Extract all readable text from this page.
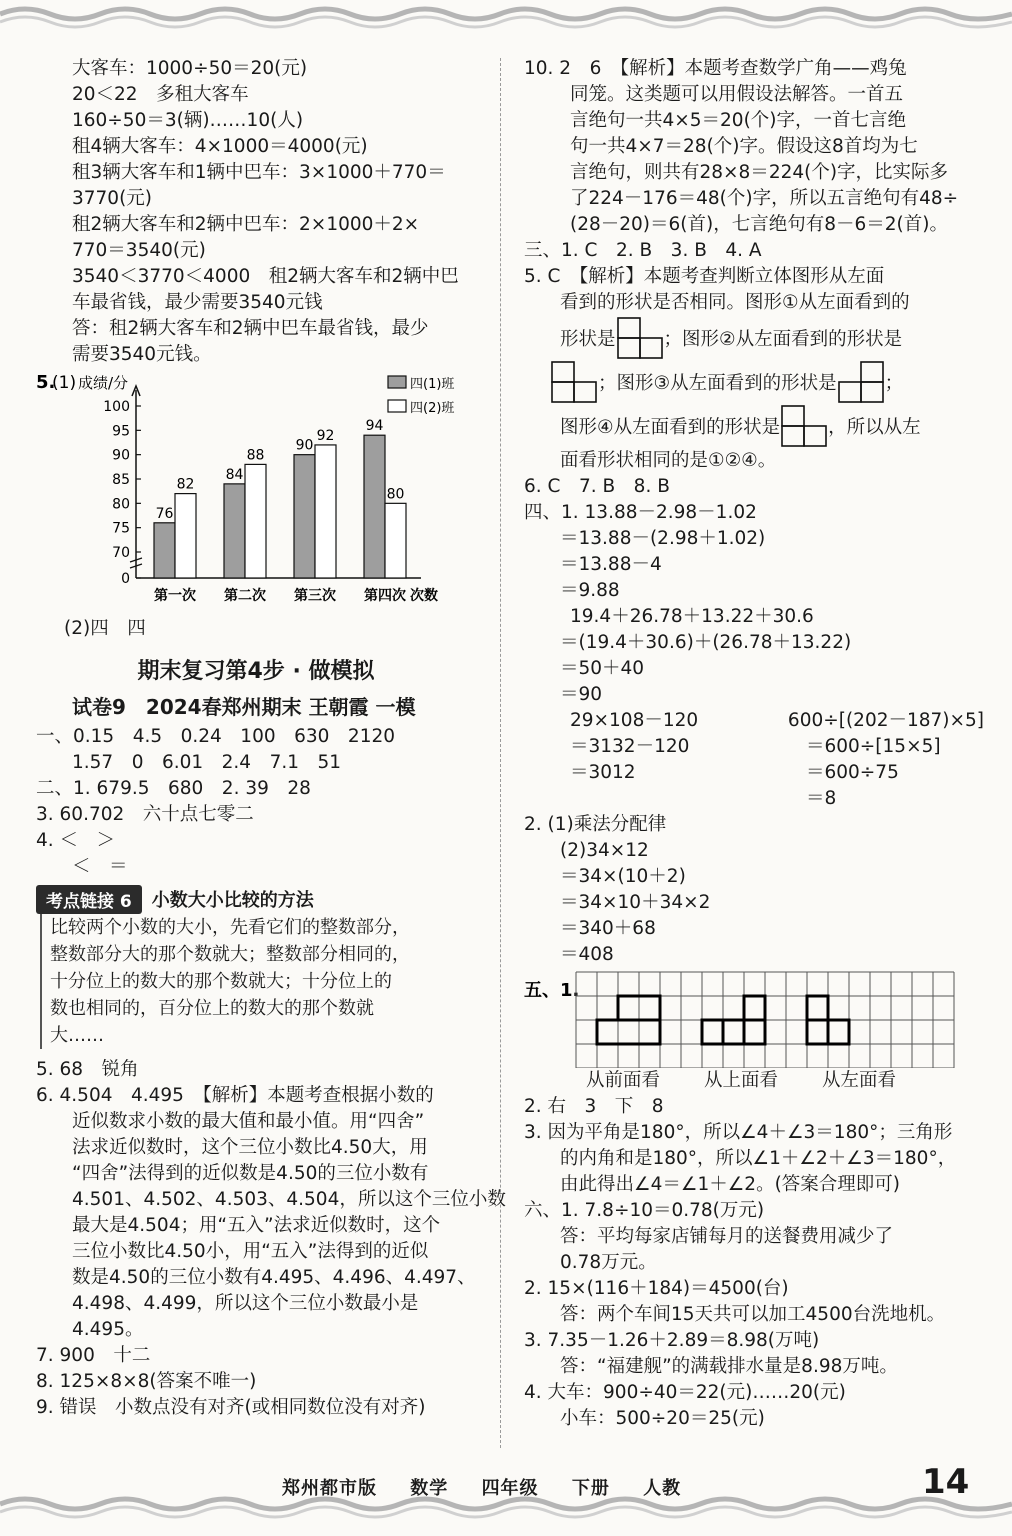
大客车：1000÷50＝20(元)
20＜22　多租大客车
160÷50＝3(辆)……10(人)
租4辆大客车：4×1000＝4000(元)
租3辆大客车和1辆中巴车：3×1000＋770＝
3770(元)
租2辆大客车和2辆中巴车：2×1000＋2×
770＝3540(元)
3540＜3770＜4000　租2辆大客车和2辆中巴
车最省钱，最少需要3540元钱
答：租2辆大客车和2辆中巴车最省钱，最少
需要3540元钱。
5.
(1) 成绩/分
0
70
75
80
85
90
95
100
76
82
第一次
84
88
第二次
90
92
第三次
94
80
第四次 次数
四(1)班
四(2)班
(2)四　四
期末复习第4步 · 做模拟
试卷9　2024春郑州期末 王朝霞 一模
一、0.15　4.5　0.24　100　630　2120
1.57　0　6.01　2.4　7.1　51
二、1. 679.5　680　2. 39　28
3. 60.702　六十点七零二
4. ＜　＞
＜　＝
考点链接 6	小数大小比较的方法
比较两个小数的大小，先看它们的整数部分，
整数部分大的那个数就大；整数部分相同的，
十分位上的数大的那个数就大；十分位上的
数也相同的，百分位上的数大的那个数就
大……
5. 68　锐角
6. 4.504　4.495　【解析】本题考查根据小数的
近似数求小数的最大值和最小值。用“四舍”
法求近似数时，这个三位小数比4.50大，用
“四舍”法得到的近似数是4.50的三位小数有
4.501、4.502、4.503、4.504，所以这个三位小数
最大是4.504；用“五入”法求近似数时，这个
三位小数比4.50小，用“五入”法得到的近似
数是4.50的三位小数有4.495、4.496、4.497、
4.498、4.499，所以这个三位小数最小是
4.495。
7. 900　十二
8. 125×8×8(答案不唯一)
9. 错误　小数点没有对齐(或相同数位没有对齐)
10. 2　6　【解析】本题考查数学广角——鸡兔
同笼。这类题可以用假设法解答。一首五
言绝句一共4×5＝20(个)字，一首七言绝
句一共4×7＝28(个)字。假设这8首均为七
言绝句，则共有28×8＝224(个)字，比实际多
了224－176＝48(个)字，所以五言绝句有48÷
(28－20)＝6(首)，七言绝句有8－6＝2(首)。
三、1. C　2. B　3. B　4. A
5. C　【解析】本题考查判断立体图形从左面
看到的形状是否相同。图形①从左面看到的
形状是	；图形②从左面看到的形状是
；图形③从左面看到的形状是	；
图形④从左面看到的形状是	，所以从左
面看形状相同的是①②④。
6. C　7. B　8. B
四、1. 13.88－2.98－1.02
＝13.88－(2.98＋1.02)
＝13.88－4
＝9.88
19.4＋26.78＋13.22＋30.6
＝(19.4＋30.6)＋(26.78＋13.22)
＝50＋40
＝90
29×108－120	600÷[(202－187)×5]
＝3132－120	＝600÷[15×5]
＝3012	＝600÷75
＝8
2. (1)乘法分配律
(2)34×12
＝34×(10＋2)
＝34×10＋34×2
＝340＋68
＝408
五、1.
从前面看	从上面看	从左面看
2. 右　3　下　8
3. 因为平角是180°，所以∠4＋∠3＝180°；三角形
的内角和是180°，所以∠1＋∠2＋∠3＝180°，
由此得出∠4＝∠1＋∠2。(答案合理即可)
六、1. 7.8÷10＝0.78(万元)
答：平均每家店铺每月的送餐费用减少了
0.78万元。
2. 15×(116＋184)＝4500(台)
答：两个车间15天共可以加工4500台洗地机。
3. 7.35－1.26＋2.89＝8.98(万吨)
答：“福建舰”的满载排水量是8.98万吨。
4. 大车：900÷40＝22(元)……20(元)
小车：500÷20＝25(元)
郑州都市版 数学 四年级 下册 人教	14
